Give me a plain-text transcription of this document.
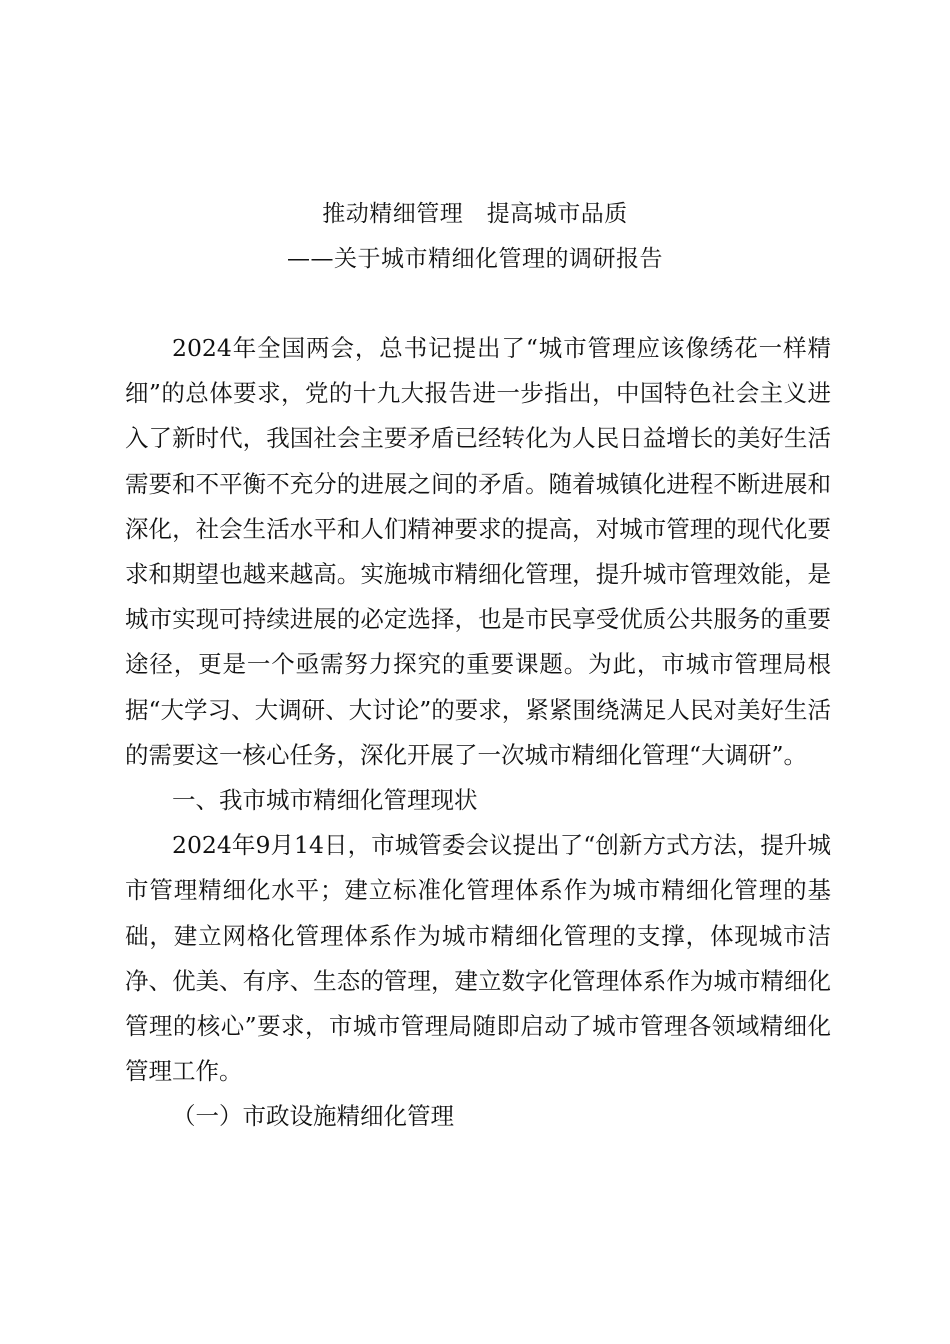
推动精细管理　提高城市品质
——关于城市精细化管理的调研报告

2024年全国两会，总书记提出了“城市管理应该像绣花一样精细”的总体要求，党的十九大报告进一步指出，中国特色社会主义进入了新时代，我国社会主要矛盾已经转化为人民日益增长的美好生活需要和不平衡不充分的进展之间的矛盾。随着城镇化进程不断进展和深化，社会生活水平和人们精神要求的提高，对城市管理的现代化要求和期望也越来越高。实施城市精细化管理，提升城市管理效能，是城市实现可持续进展的必定选择，也是市民享受优质公共服务的重要途径，更是一个亟需努力探究的重要课题。为此，市城市管理局根据“大学习、大调研、大讨论”的要求，紧紧围绕满足人民对美好生活的需要这一核心任务，深化开展了一次城市精细化管理“大调研”。

一、我市城市精细化管理现状

2024年9月14日，市城管委会议提出了“创新方式方法，提升城市管理精细化水平；建立标准化管理体系作为城市精细化管理的基础，建立网格化管理体系作为城市精细化管理的支撑，体现城市洁净、优美、有序、生态的管理，建立数字化管理体系作为城市精细化管理的核心”要求，市城市管理局随即启动了城市管理各领域精细化管理工作。

（一）市政设施精细化管理
